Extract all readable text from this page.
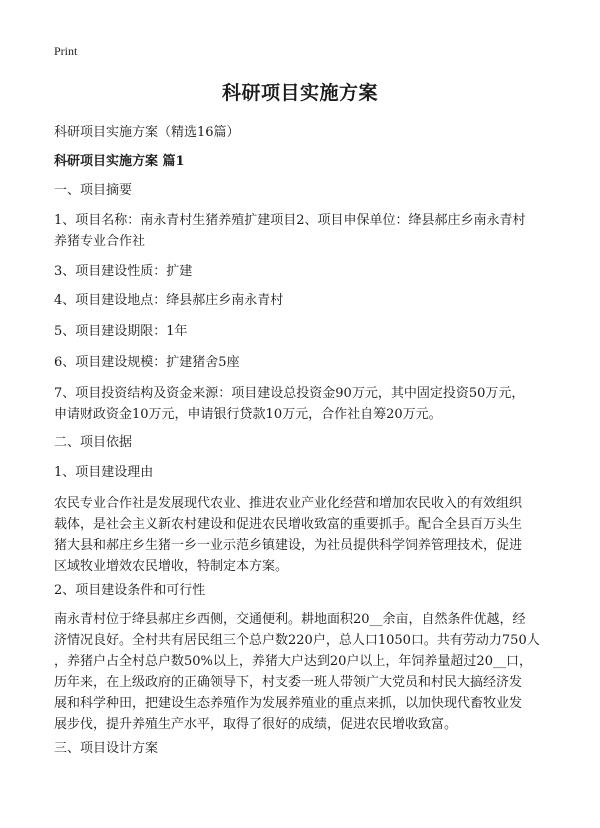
Print
科研项目实施方案
科研项目实施方案（精选16篇）
科研项目实施方案 篇1
一、项目摘要
1、项目名称：南永青村生猪养殖扩建项目2、项目申保单位：绛县郝庄乡南永青村
养猪专业合作社
3、项目建设性质：扩建
4、项目建设地点：绛县郝庄乡南永青村
5、项目建设期限：1年
6、项目建设规模：扩建猪舍5座
7、项目投资结构及资金来源：项目建设总投资金90万元，其中固定投资50万元，
申请财政资金10万元，申请银行贷款10万元，合作社自筹20万元。
二、项目依据
1、项目建设理由
农民专业合作社是发展现代农业、推进农业产业化经营和增加农民收入的有效组织
载体，是社会主义新农村建设和促进农民增收致富的重要抓手。配合全县百万头生
猪大县和郝庄乡生猪一乡一业示范乡镇建设，为社员提供科学饲养管理技术，促进
区域牧业增效农民增收，特制定本方案。
2、项目建设条件和可行性
南永青村位于绛县郝庄乡西侧，交通便利。耕地面积20__余亩，自然条件优越，经
济情况良好。全村共有居民组三个总户数220户，总人口1050口。共有劳动力750人
，养猪户占全村总户数50%以上，养猪大户达到20户以上，年饲养量超过20__口，
历年来，在上级政府的正确领导下，村支委一班人带领广大党员和村民大搞经济发
展和科学种田，把建设生态养殖作为发展养殖业的重点来抓，以加快现代畜牧业发
展步伐，提升养殖生产水平，取得了很好的成绩，促进农民增收致富。
三、项目设计方案
